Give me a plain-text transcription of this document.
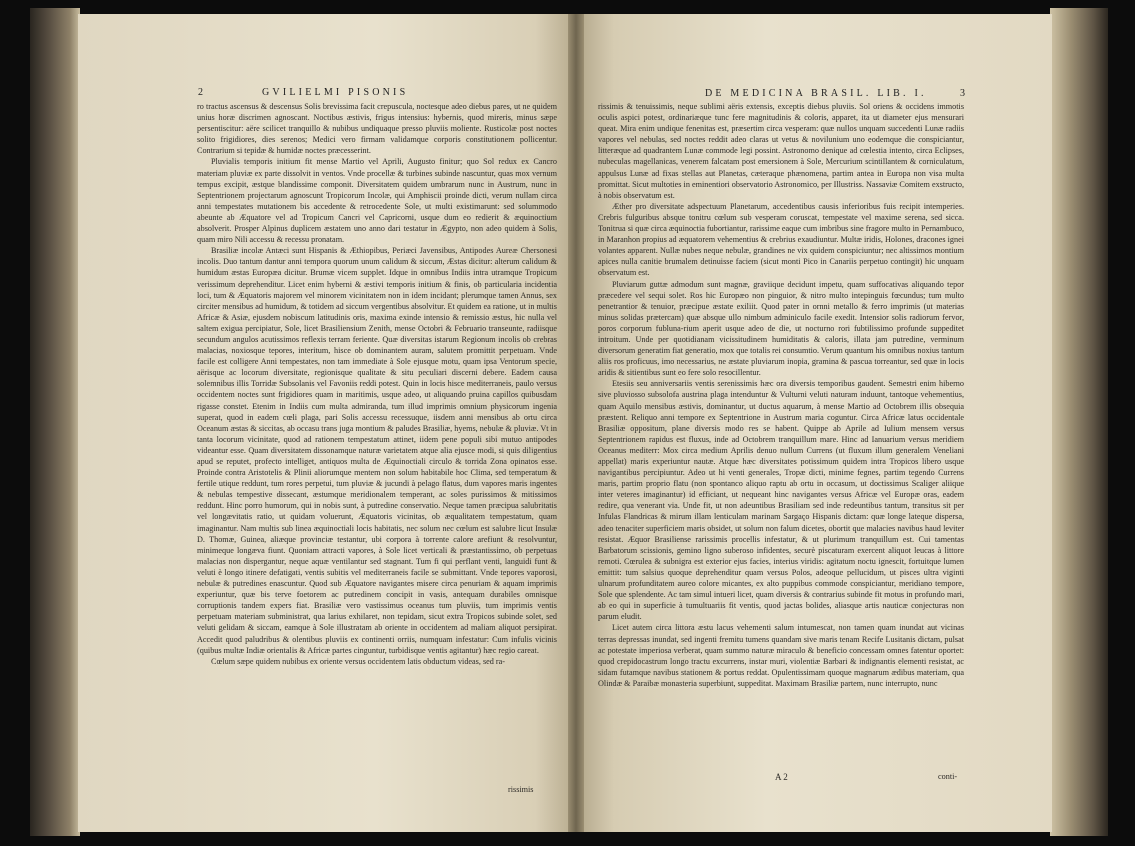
2	GVILIELMI PISONIS

ro tractus ascensus & descensus Solis brevissima facit crepuscula, noctesque adeo diebus pares, ut ne quidem unius horæ discrimen agnoscant. Noctibus æstivis, frigus intensius: hybernis, quod mireris, minus sæpe persentiscitur: aëre scilicet tranquillo & nubibus undiquaque presso pluviis moliente. Rusticolæ post noctes solito frigidiores, dies serenos; Medici vero firmam validamque corporis constitutionem pollicentur. Contrarium si tepidæ & humidæ noctes præcesserint.

Pluvialis temporis initium fit mense Martio vel Aprili, Augusto finitur; quo Sol redux ex Cancro materiam pluviæ ex parte dissolvit in ventos. Vnde procellæ & turbines subinde nascuntur, quas mox vernum tempus excipit, æstque blandissime componit. Diversitatem quidem umbrarum nunc in Austrum, nunc in Septentrionem projectarum agnoscunt Tropicorum Incolæ, qui Amphiscii proinde dicti, verum nullam circa anni tempestates mutationem bis accedente & retrocedente Sole, ut multi existimarunt: sed solummodo abeunte ab Æquatore vel ad Tropicum Cancri vel Capricorni, usque dum eo redierit & æquinoctium absolverit. Prosper Alpinus duplicem æstatem uno anno dari testatur in Ægypto, non adeo quidem à Solis, quam miro Nili accessu & recessu pronatam.

Brasiliæ incolæ Antæci sunt Hispanis & Æthiopibus, Periæci Javensibus, Antipodes Aureæ Chersonesi incolis. Duo tantum dantur anni tempora quorum unum calidum & siccum, Æstas dicitur: alterum calidum & humidum æstas Europæa dicitur. Brumæ vicem supplet. Idque in omnibus Indiis intra utramque Tropicum verissimum deprehenditur. Licet enim hyberni & æstivi temporis initium & finis, ob particularia incidentia loci, tum & Æquatoris majorem vel minorem vicinitatem non in idem incidant; plerumque tamen Annus, sex circiter mensibus ad humidum, & totidem ad siccum vergentibus absolvitur. Et quidem ea ratione, ut in multis Africæ & Asiæ, ejusdem nobiscum latitudinis oris, maxima exinde intensio & remissio æstus, hic nulla vel saltem exigua percipiatur, Sole, licet Brasiliensium Zenith, mense Octobri & Februario transeunte, radiisque secundum angulos acutissimos reflexis terram feriente. Quæ diversitas istarum Regionum incolis ob crebras malacias, noxiosque tepores, interitum, hisce ob dominantem auram, salutem promittit perpetuam. Vnde facile est colligere Anni tempestates, non tam immediate à Sole ejusque motu, quam ipsa Ventorum specie, aërisque ac locorum diversitate, regionisque qualitate & situ peculiari discerni debere. Eadem causa solemnibus illis Torridæ Subsolanis vel Favoniis reddi potest. Quin in locis hisce mediterraneis, paulo versus occidentem noctes sunt frigidiores quam in maritimis, usque adeo, ut aliquando pruina capillos quibusdam rigasse constet. Etenim in Indiis cum multa admiranda, tum illud imprimis omnium physicorum ingenia superat, quod in eadem cœli plaga, pari Solis accessu recessuque, iisdem anni mensibus ab ortu circa Oceanum æstas & siccitas, ab occasu trans juga montium & paludes Brasiliæ, hyems, nebulæ & pluviæ. Vt in tanta locorum vicinitate, quod ad rationem tempestatum attinet, iidem pene populi sibi mutuo antipodes videantur esse. Quam diversitatem dissonamque naturæ varietatem atque alia ejusce modi, si quis diligentius apud se reputet, profecto intelliget, antiquos multa de Æquinoctiali circulo & torrida Zona opinatos esse. Proinde contra Aristotelis & Plinii aliorumque mentem non solum habitabile hoc Clima, sed temperatum & fertile utique reddunt, tum rores perpetui, tum pluviæ & jucundi à pelago flatus, dum vapores maris ingentes & nebulas tempestive dissecant, æstumque meridionalem temperant, ac soles purissimos & mitissimos reddunt. Hinc porro humorum, qui in nobis sunt, à putredine conservatio. Neque tamen præcipua salubritatis vel longævitatis ratio, ut quidam voluerunt, Æquatoris vicinitas, ob æqualitatem tempestatum, quam imaginantur. Nam multis sub linea æquinoctiali locis habitatis, nec solum nec cœlum est salubre licut Insulæ D. Thomæ, Guinea, aliæque provinciæ testantur, ubi corpora à torrente calore arefiunt & resolvuntur, minimeque longæva fiunt. Quoniam attracti vapores, à Sole licet verticali & præstantissimo, ob perpetuas malacias non dispergantur, neque aquæ ventilantur sed stagnant. Tum fi qui perflant venti, languidi funt & veluti è longo itinere defatigati, ventis subitis vel mediterraneis facile se submittant. Vnde tepores vaporosi, nebulæ & putredines enascuntur. Quod sub Æquatore navigantes misere circa penuriam & aquam imprimis experiuntur, quæ bis terve foetorem ac putredinem concipit in vasis, antequam durabiles omnisque corruptionis tandem expers fiat. Brasiliæ vero vastissimus oceanus tum pluviis, tum imprimis ventis perpetuam materiam subministrat, qua larius exhilaret, non tepidam, sicut extra Tropicos subinde solet, sed veluti gelidam & siccam, eamque à Sole illustratam ab oriente in occidentem ad maliam aliquot persipirat. Accedit quod paludribus & olentibus pluviis ex continenti orriis, numquam infestatur: Cum infulis vicinis (quibus multæ Indiæ orientalis & Africæ partes cinguntur, turbidisque ventis agitantur) hæc regio careat.

Cœlum sæpe quidem nubibus ex oriente versus occidentem latis obductum videas, sed ra-

rissimis
DE MEDICINA BRASIL. LIB. I.	3

rissimis & tenuissimis, neque sublimi aëris extensis, exceptis diebus pluviis. Sol oriens & occidens immotis oculis aspici potest, ordinariæque tunc fere magnitudinis & coloris, apparet, ita ut diameter ejus mensurari queat. Mira enim undique fenenitas est, præsertim circa vesperam: quæ nullos unquam succedenti Lunæ radiis vapores vel nebulas, sed noctes reddit adeo claras ut vetus & novilunium uno eodemque die conspiciantur, litteræque ad quadrantem Lunæ commode legi possint. Astronomo denique ad cœlestia intento, circa Eclipses, nubeculas magellanicas, venerem falcatam post emersionem à Sole, Mercurium scintillantem & corniculatum, appulsus Lunæ ad fixas stellas aut Planetas, cæteraque phænomena, partim antea in Europa non visa multa promittat. Sicut multoties in eminentiori observatorio Astronomico, per Illustriss. Nassaviæ Comitem exstructo, à nobis observatum est.

Æther pro diversitate adspectuum Planetarum, accedentibus causis inferioribus fuis recipit intemperies. Crebris fulguribus absque tonitru cœlum sub vesperam coruscat, tempestate vel maxime serena, sed sicca. Tonitrua si quæ circa æquinoctia fubortiantur, rarissime eaque cum imbribus sine fragore multo in Pernambuco, in Maranhon propius ad æquatorem vehementius & crebrius exaudiuntur. Multæ iridis, Holones, dracones ignei volantes apparent. Nullæ nubes neque nebulæ, grandines ne vix quidem conspiciuntur; nec altissimos montium apices nulla canitie brumalem detinuisse faciem (sicut monti Pico in Canariis perpetuo contingit) hic unquam observatum est.

Pluviarum guttæ admodum sunt magnæ, graviique decidunt impetu, quam suffocativas aliquando tepor præcedere vel sequi solet. Ros hic Europæo non pinguior, & nitro multo intepinguis fœcundus; tum multo penetrantior & tenuior, præcipue æstate exiliit. Quod pater in ornni metallo & ferro imprimis (ut materias minus solidas prætercam) quæ absque ullo nimbum adminiculo facile exedit. Intensior solis radiorum fervor, poros corporum fubluna-rium aperit usque adeo de die, ut nocturno rori fubtilissimo profunde suppeditet introitum. Unde per quotidianam vicissitudinem humiditatis & caloris, illata jam putredine, verminum diversorum generatim fiat generatio, mox que totalis rei consumtio. Verum quantum his omnibus noxius tantum aliis ros proficuus, imo necessarius, ne æstate pluviarum inopia, gramina & pascua torreantur, sed quæ in locis aridis & sitientibus sunt eo fere solo resocillentur.

Etesiis seu anniversariis ventis serenissimis hæc ora diversis temporibus gaudent. Semestri enim hiberno sive pluviosso subsolofa austrina plaga intenduntur & Vulturni veluti naturam induunt, tantoque vehementius, quam Aquilo mensibus æstivis, dominantur, ut ductus aquarum, à mense Martio ad Octobrem illis obsequia præstent. Reliquo anni tempore ex Septentrione in Austrum maria coguntur. Circa Africæ latus occidentale Brasiliæ oppositum, plane diversis modo res se habent. Quippe ab Aprile ad Iulium mensem versus Septentrionem rapidus est fluxus, inde ad Octobrem tranquillum mare. Hinc ad Ianuarium versus meridiem Oceanus mediterr: Mox circa medium Aprilis denuo nullum Currens (ut fluxum illum generalem Veneliani appellat) maris experiuntur nautæ. Atque hæc diversitates potissimum quidem intra Tropicos libero usque navigantibus percipiuntur. Adeo ut hi venti generales, Tropæ dicti, minime fegnes, partim tegendo Currens maris, partim proprio flatu (non spontanco aliquo raptu ab ortu in occasum, ut doctissimus Scaliger aliique inter veteres imaginantur) id efficiant, ut nequeant hinc navigantes versus Africæ vel Europæ oras, eadem redire, qua venerant via. Unde fit, ut non adeuntibus Brasiliam sed inde redeuntibus tantum, transitus sit per Infulas Flandricas & mirum illam lenticulam marinam Sargaço Hispanis dictam: quæ longe lateque dispersa, adeo tenaciter superficiem maris obsidet, ut solum non falum dicetes, obortit que malacies navibus haud leviter resistat. Æquor Brasiliense rarissimis procellis infestatur, & ut plurimum tranquillum est. Cui tamentas Barbatorum scissionis, gemino ligno suberoso infidentes, securè piscaturam exercent aliquot leucas à littore remoti. Cœrulea & subnigra est exterior ejus facies, interius viridis: agitatum noctu ignescit, fortuitque lumen emittit: tum salsius quoque deprehenditur quam versus Polos, adeoque pellucidum, ut pisces ultra viginti ulnarum profunditatem aureo colore micantes, ex alto puppibus commode conspiciantur, meridiano tempore, Sole que splendente. Ac tam simul intueri licet, quam diversis & contrarius subinde fit motus in profundo mari, ab eo qui in superficie à tumultuariis fit ventis, quod jactas bolides, aliasque artis nauticæ conjecturas non parum eludit.

Licet autem circa littora æstu lacus vehementi salum intumescat, non tamen quam inundat aut vicinas terras depressas inundat, sed ingenti fremitu tumens quandam sive maris tenam Recife Lusitanis dictam, pulsat ac potestate imperiosa verberat, quam summo naturæ miraculo & beneficio concessam omnes fatentur oportet: quod crepidocastrum longo tractu excurrens, instar muri, violentiæ Barbari & indignantis elementi resistat, ac sidam futamque navibus stationem & portus reddat. Opulentissimam quoque magnarum ædibus materiam, qua Olindæ & Paraibæ monasteria superbiunt, suppeditat. Maximam Brasiliæ partem, nunc interrupto, nunc

A 2	conti-
